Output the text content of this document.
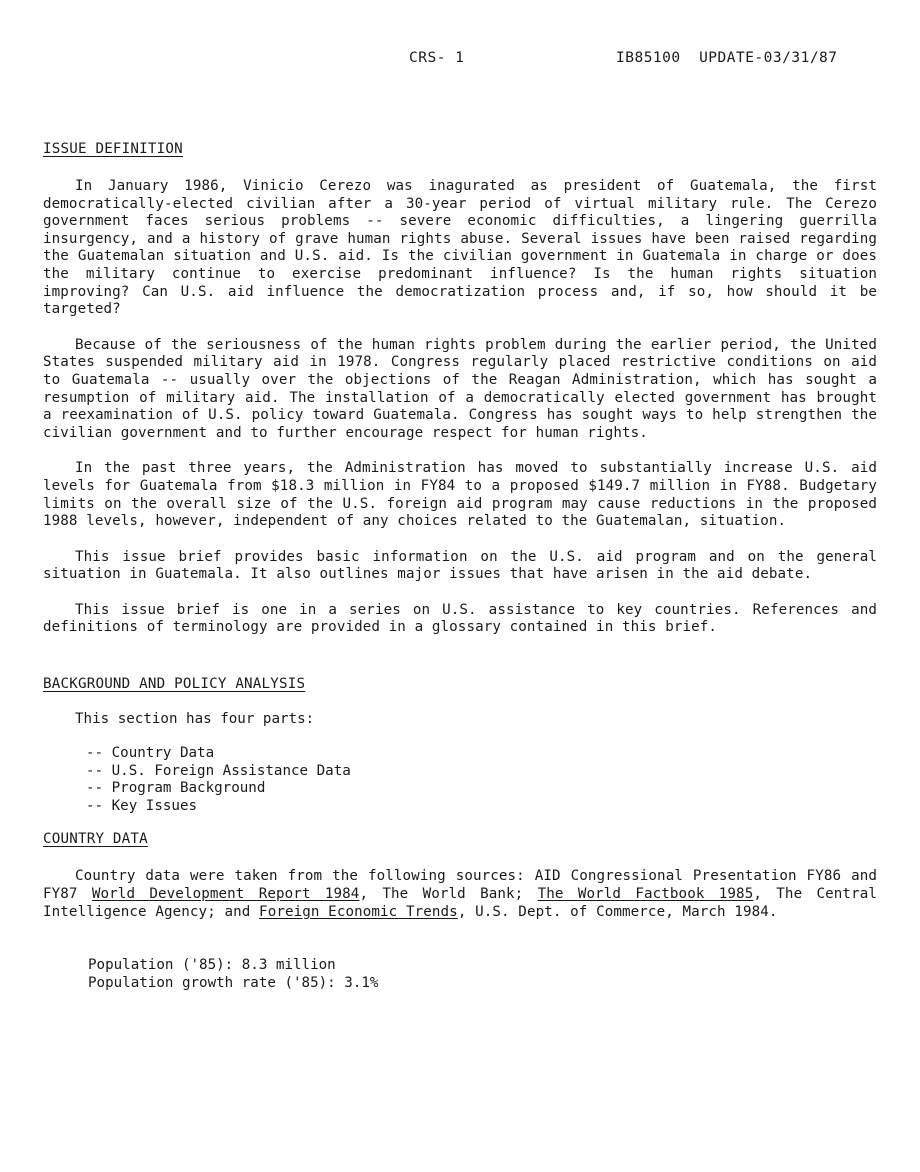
CRS- 1	IB85100  UPDATE-03/31/87
ISSUE DEFINITION

In January 1986, Vinicio Cerezo was inagurated as president of Guatemala, the first democratically-elected civilian after a 30-year period of virtual military rule. The Cerezo government faces serious problems -- severe economic difficulties, a lingering guerrilla insurgency, and a history of grave human rights abuse. Several issues have been raised regarding the Guatemalan situation and U.S. aid. Is the civilian government in Guatemala in charge or does the military continue to exercise predominant influence? Is the human rights situation improving? Can U.S. aid influence the democratization process and, if so, how should it be targeted?

Because of the seriousness of the human rights problem during the earlier period, the United States suspended military aid in 1978. Congress regularly placed restrictive conditions on aid to Guatemala -- usually over the objections of the Reagan Administration, which has sought a resumption of military aid. The installation of a democratically elected government has brought a reexamination of U.S. policy toward Guatemala. Congress has sought ways to help strengthen the civilian government and to further encourage respect for human rights.

In the past three years, the Administration has moved to substantially increase U.S. aid levels for Guatemala from $18.3 million in FY84 to a proposed $149.7 million in FY88. Budgetary limits on the overall size of the U.S. foreign aid program may cause reductions in the proposed 1988 levels, however, independent of any choices related to the Guatemalan, situation.

This issue brief provides basic information on the U.S. aid program and on the general situation in Guatemala. It also outlines major issues that have arisen in the aid debate.

This issue brief is one in a series on U.S. assistance to key countries. References and definitions of terminology are provided in a glossary contained in this brief.

BACKGROUND AND POLICY ANALYSIS
This section has four parts:
-- Country Data
-- U.S. Foreign Assistance Data
-- Program Background
-- Key Issues
COUNTRY DATA

Country data were taken from the following sources: AID Congressional Presentation FY86 and FY87 World Development Report 1984, The World Bank; The World Factbook 1985, The Central Intelligence Agency; and Foreign Economic Trends, U.S. Dept. of Commerce, March 1984.

Population ('85): 8.3 million
Population growth rate ('85): 3.1%
